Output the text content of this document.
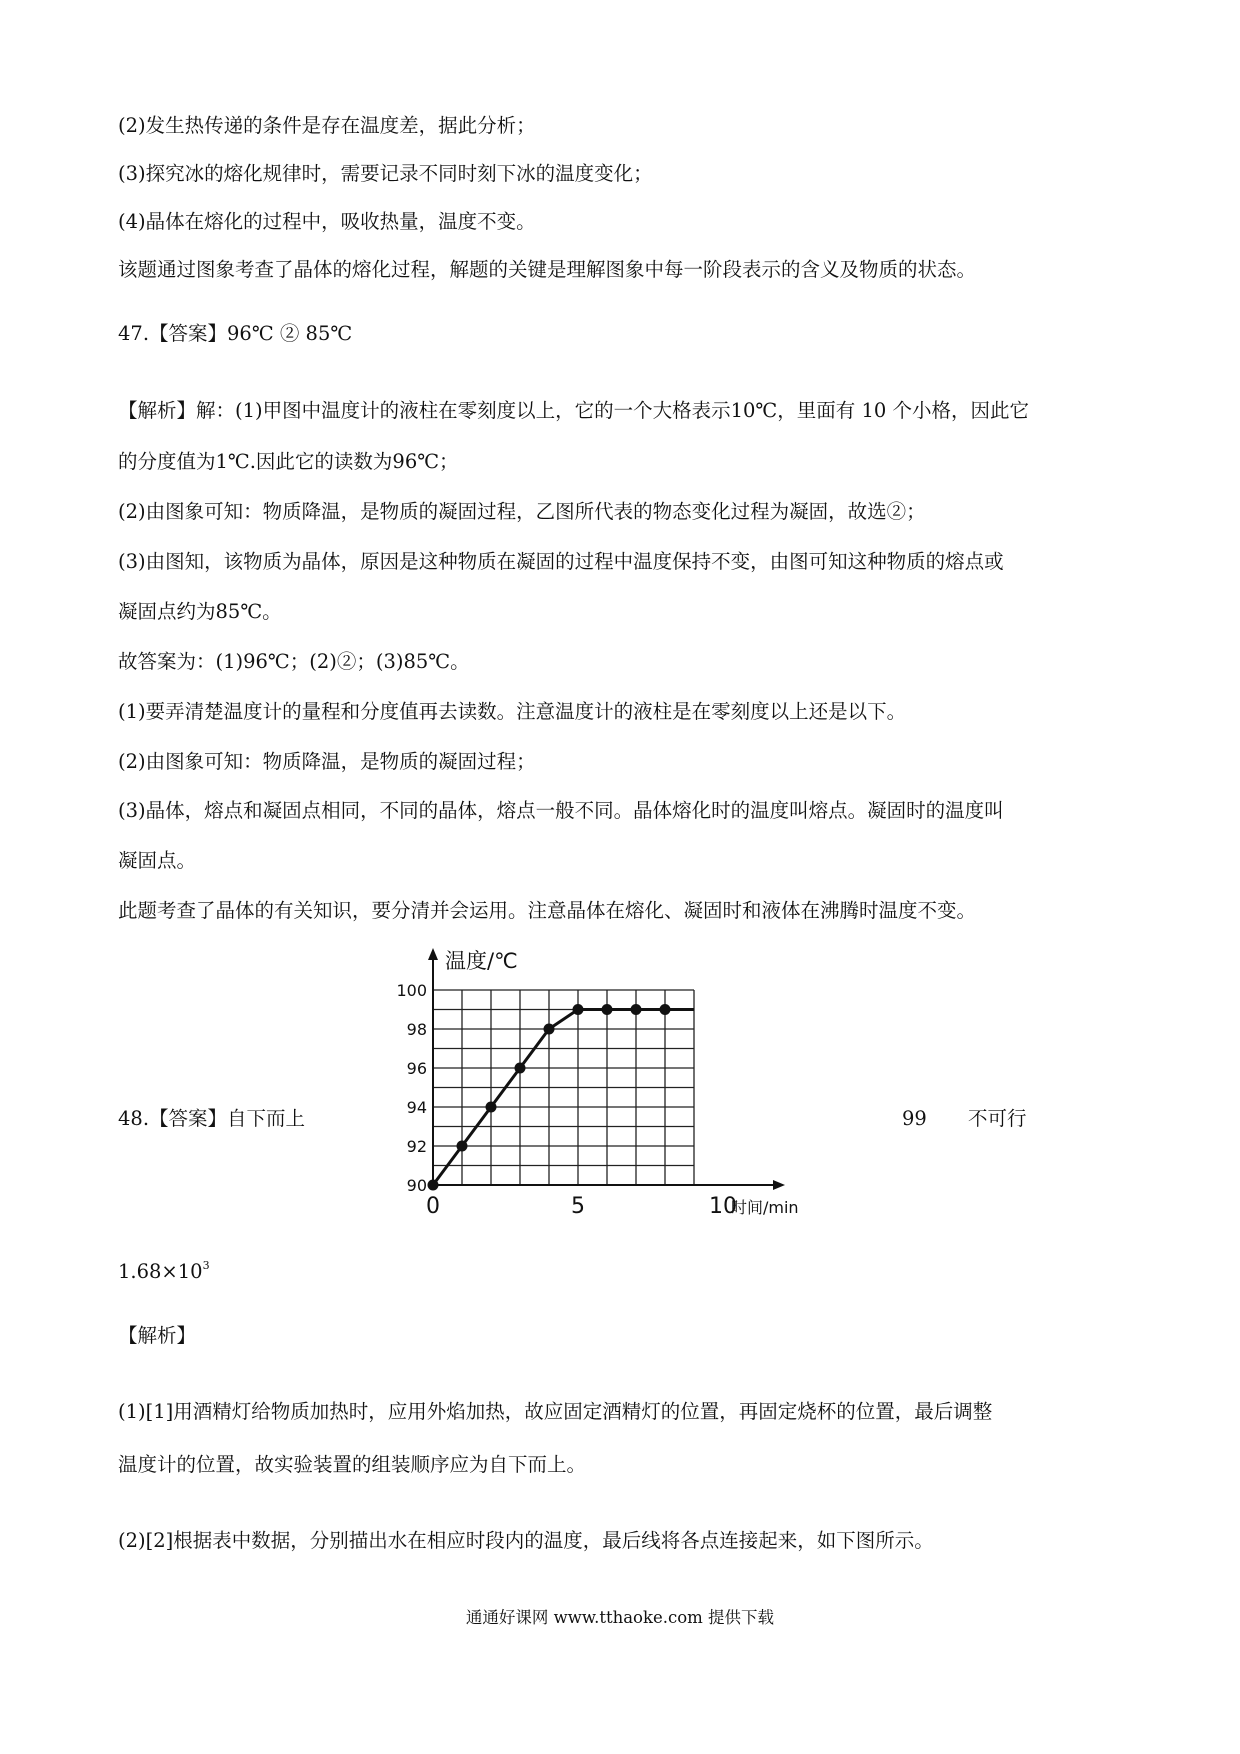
(2)发生热传递的条件是存在温度差，据此分析；
(3)探究冰的熔化规律时，需要记录不同时刻下冰的温度变化；
(4)晶体在熔化的过程中，吸收热量，温度不变。
该题通过图象考查了晶体的熔化过程，解题的关键是理解图象中每一阶段表示的含义及物质的状态。
47.【答案】96℃ ② 85℃
【解析】解：(1)甲图中温度计的液柱在零刻度以上，它的一个大格表示10℃，里面有 10 个小格，因此它
的分度值为1℃.因此它的读数为96℃；
(2)由图象可知：物质降温，是物质的凝固过程，乙图所代表的物态变化过程为凝固，故选②；
(3)由图知，该物质为晶体，原因是这种物质在凝固的过程中温度保持不变，由图可知这种物质的熔点或
凝固点约为85℃。
故答案为：(1)96℃；(2)②；(3)85℃。
(1)要弄清楚温度计的量程和分度值再去读数。注意温度计的液柱是在零刻度以上还是以下。
(2)由图象可知：物质降温，是物质的凝固过程；
(3)晶体，熔点和凝固点相同，不同的晶体，熔点一般不同。晶体熔化时的温度叫熔点。凝固时的温度叫
凝固点。
此题考查了晶体的有关知识，要分清并会运用。注意晶体在熔化、凝固时和液体在沸腾时温度不变。
48.【答案】自下而上	99 不可行
温度/℃
时间/min
90
92
94
96
98
100
0	5	10
$1.68\times 10^3$
【解析】
(1)[1]用酒精灯给物质加热时，应用外焰加热，故应固定酒精灯的位置，再固定烧杯的位置，最后调整
温度计的位置，故实验装置的组装顺序应为自下而上。
(2)[2]根据表中数据，分别描出水在相应时段内的温度，最后线将各点连接起来，如下图所示。
通通好课网 www.tthaoke.com 提供下载
